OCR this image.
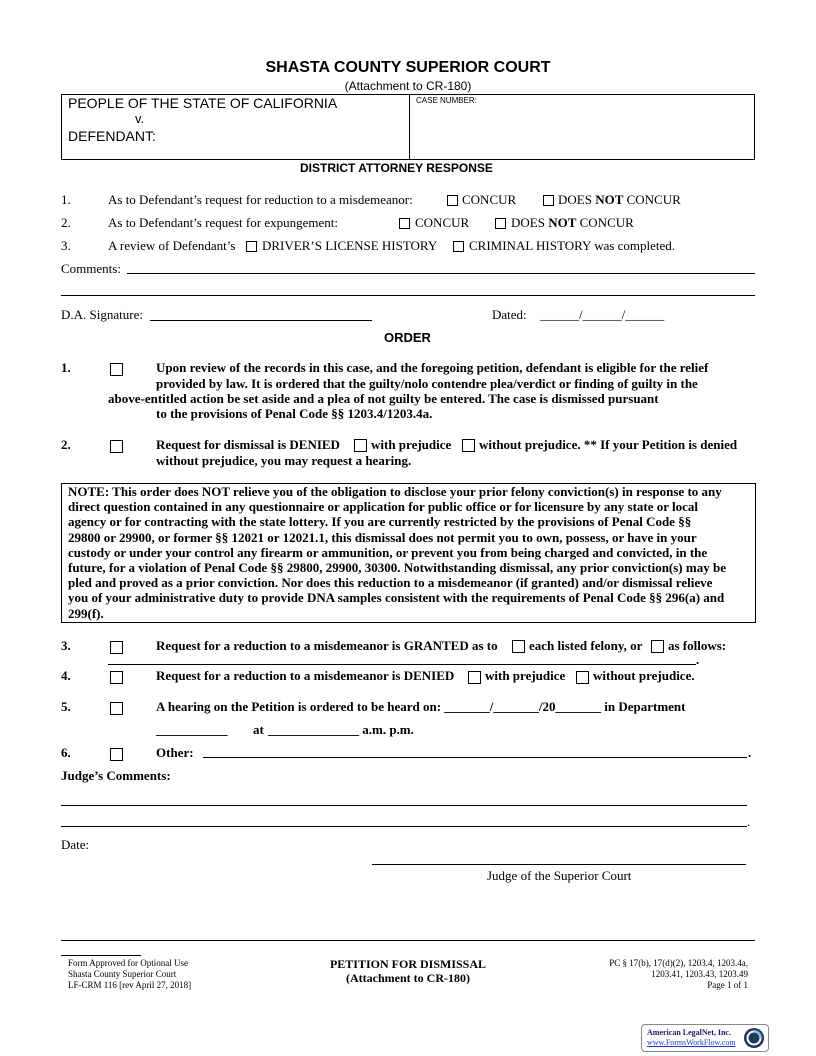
SHASTA COUNTY SUPERIOR COURT
(Attachment to CR-180)
PEOPLE OF THE STATE OF CALIFORNIA
v.
DEFENDANT:
CASE NUMBER:
DISTRICT ATTORNEY RESPONSE
1.	As to Defendant’s request for reduction to a misdemeanor:	CONCUR	DOES NOT CONCUR
2.	As to Defendant’s request for expungement:	CONCUR	DOES NOT CONCUR
3.	A review of Defendant’s DRIVER’S LICENSE HISTORY CRIMINAL HISTORY was completed.
Comments:
D.A. Signature:	Dated: ______/______/______
ORDER
1.	Upon review of the records in this case, and the foregoing petition, defendant is eligible for the relief
provided by law. It is ordered that the guilty/nolo contendre plea/verdict or finding of guilty in the
above-entitled action be set aside and a plea of not guilty be entered. The case is dismissed pursuant
to the provisions of Penal Code §§ 1203.4/1203.4a.
2.	Request for dismissal is DENIED with prejudice without prejudice. ** If your Petition is denied
without prejudice, you may request a hearing.
NOTE: This order does NOT relieve you of the obligation to disclose your prior felony conviction(s) in response to any
direct question contained in any questionnaire or application for public office or for licensure by any state or local
agency or for contracting with the state lottery. If you are currently restricted by the provisions of Penal Code §§
29800 or 29900, or former §§ 12021 or 12021.1, this dismissal does not permit you to own, possess, or have in your
custody or under your control any firearm or ammunition, or prevent you from being charged and convicted, in the
future, for a violation of Penal Code §§ 29800, 29900, 30300. Notwithstanding dismissal, any prior conviction(s) may be
pled and proved as a prior conviction. Nor does this reduction to a misdemeanor (if granted) and/or dismissal relieve
you of your administrative duty to provide DNA samples consistent with the requirements of Penal Code §§ 296(a) and
299(f).
3.	Request for a reduction to a misdemeanor is GRANTED as to each listed felony, or as follows:
.
4.	Request for a reduction to a misdemeanor is DENIED with prejudice without prejudice.
5.	A hearing on the Petition is ordered to be heard on: _______/_______/20_______ in Department
___________ at ______________ a.m. p.m.
6.	Other:	.
Judge’s Comments:
.
Date:
Judge of the Superior Court
Form Approved for Optional Use
Shasta County Superior Court
LF-CRM 116 [rev April 27, 2018]
PETITION FOR DISMISSAL
(Attachment to CR-180)
PC § 17(b), 17(d)(2), 1203.4, 1203.4a,
1203.41, 1203.43, 1203.49
Page 1 of 1
American LegalNet, Inc.
www.FormsWorkFlow.com
